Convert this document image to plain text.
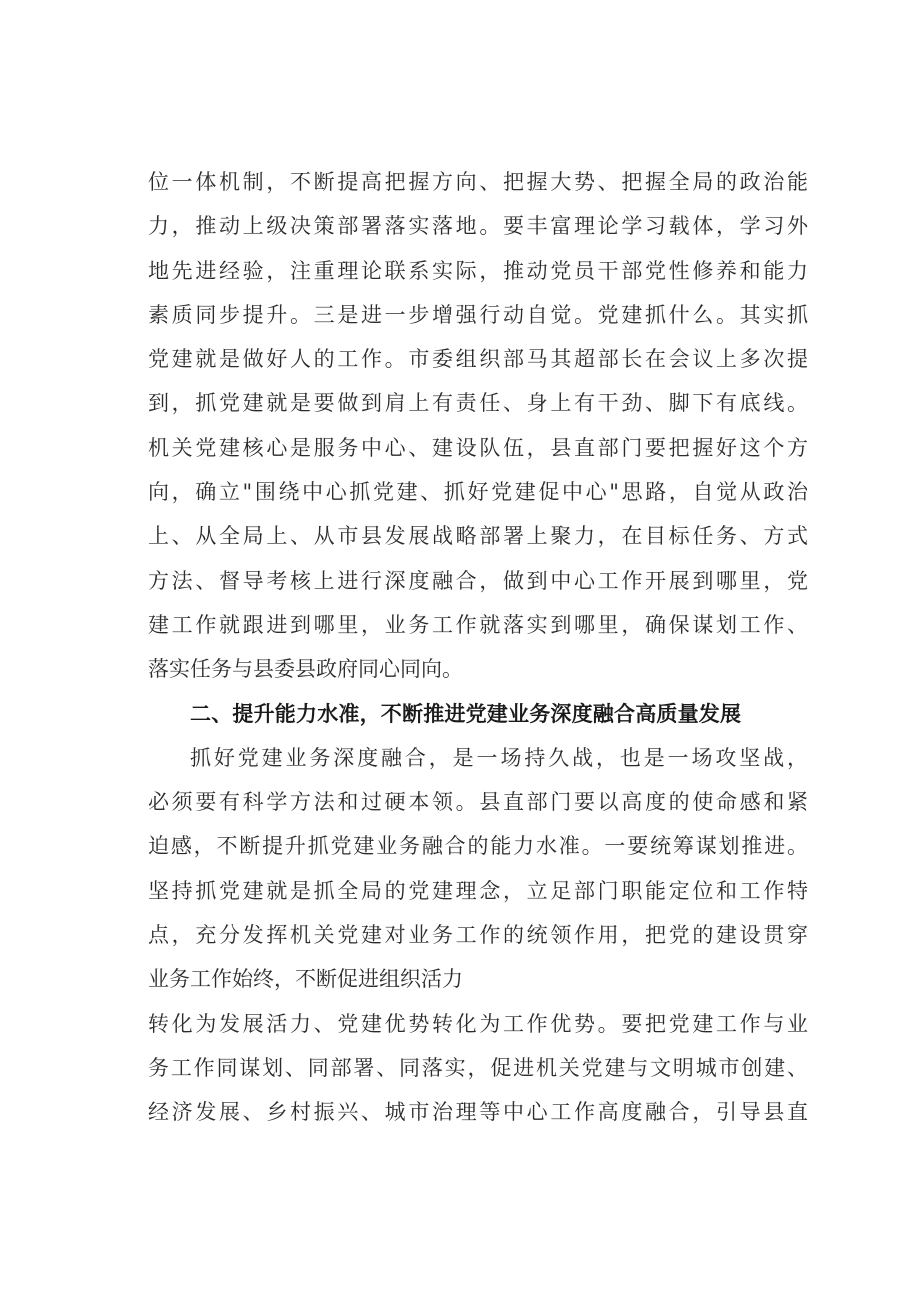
位一体机制，不断提高把握方向、把握大势、把握全局的政治能
力，推动上级决策部署落实落地。要丰富理论学习载体，学习外
地先进经验，注重理论联系实际，推动党员干部党性修养和能力
素质同步提升。三是进一步增强行动自觉。党建抓什么。其实抓
党建就是做好人的工作。市委组织部马其超部长在会议上多次提
到，抓党建就是要做到肩上有责任、身上有干劲、脚下有底线。
机关党建核心是服务中心、建设队伍，县直部门要把握好这个方
向，确立"围绕中心抓党建、抓好党建促中心"思路，自觉从政治
上、从全局上、从市县发展战略部署上聚力，在目标任务、方式
方法、督导考核上进行深度融合，做到中心工作开展到哪里，党
建工作就跟进到哪里，业务工作就落实到哪里，确保谋划工作、
落实任务与县委县政府同心同向。
二、提升能力水准，不断推进党建业务深度融合高质量发展
抓好党建业务深度融合，是一场持久战，也是一场攻坚战，
必须要有科学方法和过硬本领。县直部门要以高度的使命感和紧
迫感，不断提升抓党建业务融合的能力水准。一要统筹谋划推进。
坚持抓党建就是抓全局的党建理念，立足部门职能定位和工作特
点，充分发挥机关党建对业务工作的统领作用，把党的建设贯穿
业务工作始终，不断促进组织活力
转化为发展活力、党建优势转化为工作优势。要把党建工作与业
务工作同谋划、同部署、同落实，促进机关党建与文明城市创建、
经济发展、乡村振兴、城市治理等中心工作高度融合，引导县直
